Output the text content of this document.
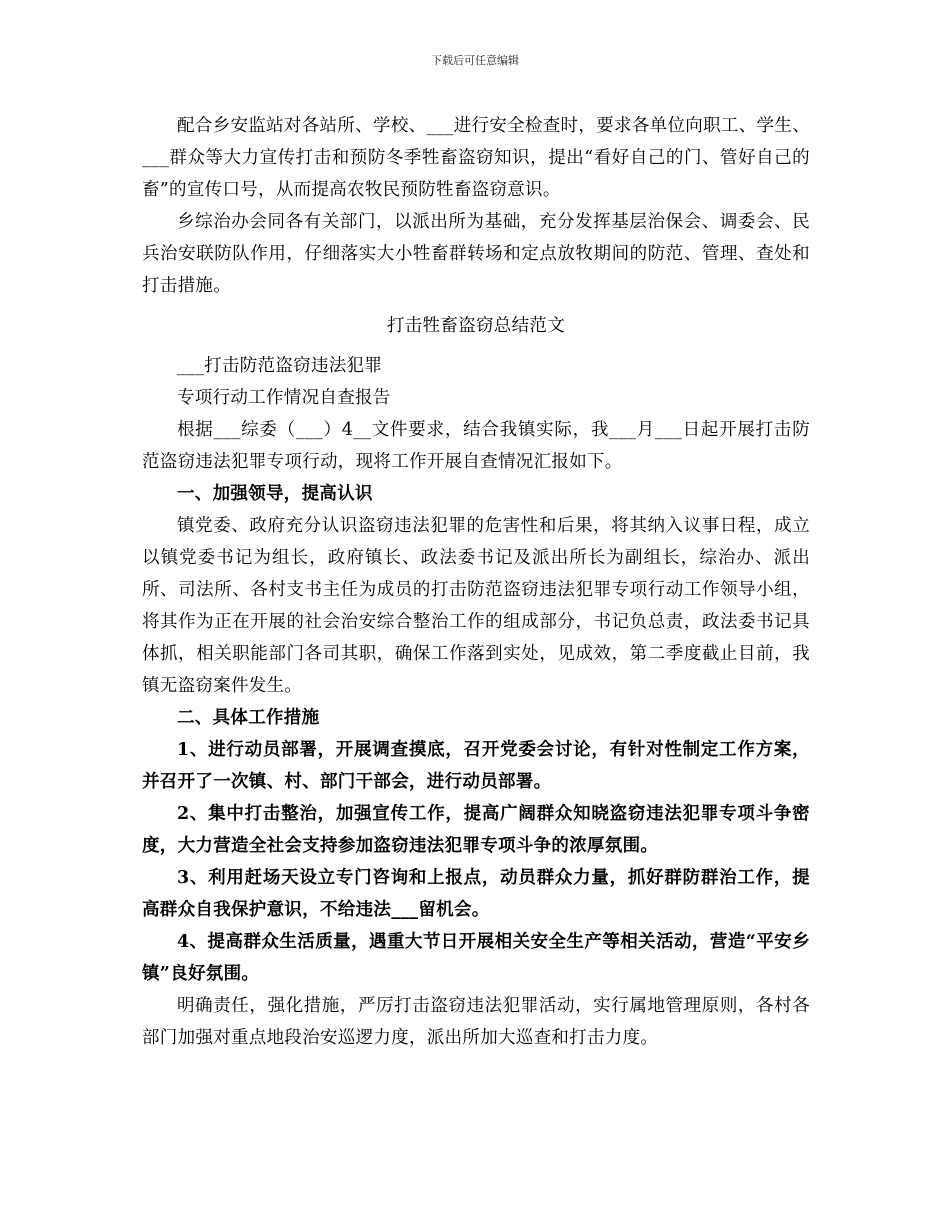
下载后可任意编辑

配合乡安监站对各站所、学校、___进行安全检查时，要求各单位向职工、学生、___群众等大力宣传打击和预防冬季牲畜盗窃知识，提出“看好自己的门、管好自己的畜”的宣传口号，从而提高农牧民预防牲畜盗窃意识。

乡综治办会同各有关部门，以派出所为基础，充分发挥基层治保会、调委会、民兵治安联防队作用，仔细落实大小牲畜群转场和定点放牧期间的防范、管理、查处和打击措施。

打击牲畜盗窃总结范文

___打击防范盗窃违法犯罪

专项行动工作情况自查报告

根据___综委（___）4__文件要求，结合我镇实际，我___月___日起开展打击防范盗窃违法犯罪专项行动，现将工作开展自查情况汇报如下。

一、加强领导，提高认识

镇党委、政府充分认识盗窃违法犯罪的危害性和后果，将其纳入议事日程，成立以镇党委书记为组长，政府镇长、政法委书记及派出所长为副组长，综治办、派出所、司法所、各村支书主任为成员的打击防范盗窃违法犯罪专项行动工作领导小组，将其作为正在开展的社会治安综合整治工作的组成部分，书记负总责，政法委书记具体抓，相关职能部门各司其职，确保工作落到实处，见成效，第二季度截止目前，我镇无盗窃案件发生。

二、具体工作措施

1、进行动员部署，开展调查摸底，召开党委会讨论，有针对性制定工作方案，并召开了一次镇、村、部门干部会，进行动员部署。

2、集中打击整治，加强宣传工作，提高广阔群众知晓盗窃违法犯罪专项斗争密度，大力营造全社会支持参加盗窃违法犯罪专项斗争的浓厚氛围。

3、利用赶场天设立专门咨询和上报点，动员群众力量，抓好群防群治工作，提高群众自我保护意识，不给违法___留机会。

4、提高群众生活质量，遇重大节日开展相关安全生产等相关活动，营造“平安乡镇”良好氛围。

明确责任，强化措施，严厉打击盗窃违法犯罪活动，实行属地管理原则，各村各部门加强对重点地段治安巡逻力度，派出所加大巡查和打击力度。
